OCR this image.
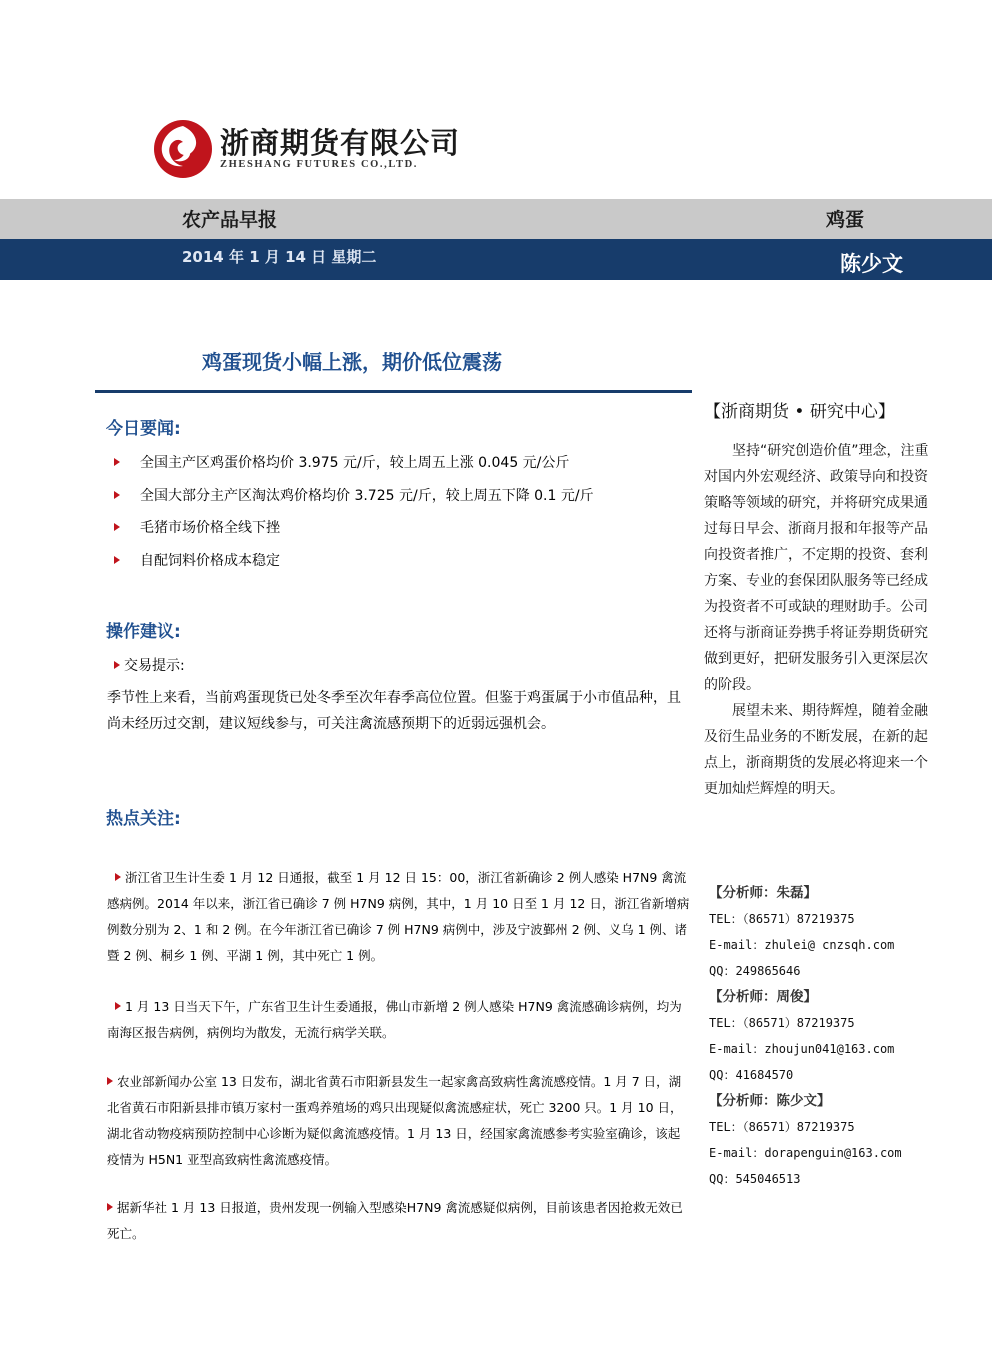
浙商期货有限公司
ZHESHANG FUTURES CO.,LTD.
农产品早报	鸡蛋
2014 年 1 月 14 日 星期二	陈少文
鸡蛋现货小幅上涨，期价低位震荡
今日要闻:
全国主产区鸡蛋价格均价 3.975 元/斤，较上周五上涨 0.045 元/公斤
全国大部分主产区淘汰鸡价格均价 3.725 元/斤，较上周五下降 0.1 元/斤
毛猪市场价格全线下挫
自配饲料价格成本稳定
操作建议:
交易提示:
季节性上来看，当前鸡蛋现货已处冬季至次年春季高位位置。但鉴于鸡蛋属于小市值品种，且尚未经历过交割，建议短线参与，可关注禽流感预期下的近弱远强机会。
热点关注:
浙江省卫生计生委 1 月 12 日通报，截至 1 月 12 日 15：00，浙江省新确诊 2 例人感染 H7N9 禽流感病例。2014 年以来，浙江省已确诊 7 例 H7N9 病例，其中，1 月 10 日至 1 月 12 日，浙江省新增病例数分别为 2、1 和 2 例。在今年浙江省已确诊 7 例 H7N9 病例中，涉及宁波鄞州 2 例、义乌 1 例、诸暨 2 例、桐乡 1 例、平湖 1 例，其中死亡 1 例。
1 月 13 日当天下午，广东省卫生计生委通报，佛山市新增 2 例人感染 H7N9 禽流感确诊病例，均为南海区报告病例，病例均为散发，无流行病学关联。
农业部新闻办公室 13 日发布，湖北省黄石市阳新县发生一起家禽高致病性禽流感疫情。1 月 7 日，湖北省黄石市阳新县排市镇万家村一蛋鸡养殖场的鸡只出现疑似禽流感症状，死亡 3200 只。1 月 10 日，湖北省动物疫病预防控制中心诊断为疑似禽流感疫情。1 月 13 日，经国家禽流感参考实验室确诊，该起疫情为 H5N1 亚型高致病性禽流感疫情。
据新华社 1 月 13 日报道，贵州发现一例输入型感染H7N9 禽流感疑似病例，目前该患者因抢救无效已死亡。
【浙商期货 • 研究中心】

坚持“研究创造价值”理念，注重对国内外宏观经济、政策导向和投资策略等领域的研究，并将研究成果通过每日早会、浙商月报和年报等产品向投资者推广，不定期的投资、套利方案、专业的套保团队服务等已经成为投资者不可或缺的理财助手。公司还将与浙商证券携手将证券期货研究做到更好，把研发服务引入更深层次的阶段。

展望未来、期待辉煌，随着金融及衍生品业务的不断发展，在新的起点上，浙商期货的发展必将迎来一个更加灿烂辉煌的明天。

【分析师：朱磊】
TEL：（86571）87219375
E-mail：zhulei@ cnzsqh.com
QQ：249865646
【分析师：周俊】
TEL：（86571）87219375
E-mail：zhoujun041@163.com
QQ：41684570
【分析师：陈少文】
TEL：（86571）87219375
E-mail：dorapenguin@163.com
QQ：545046513
